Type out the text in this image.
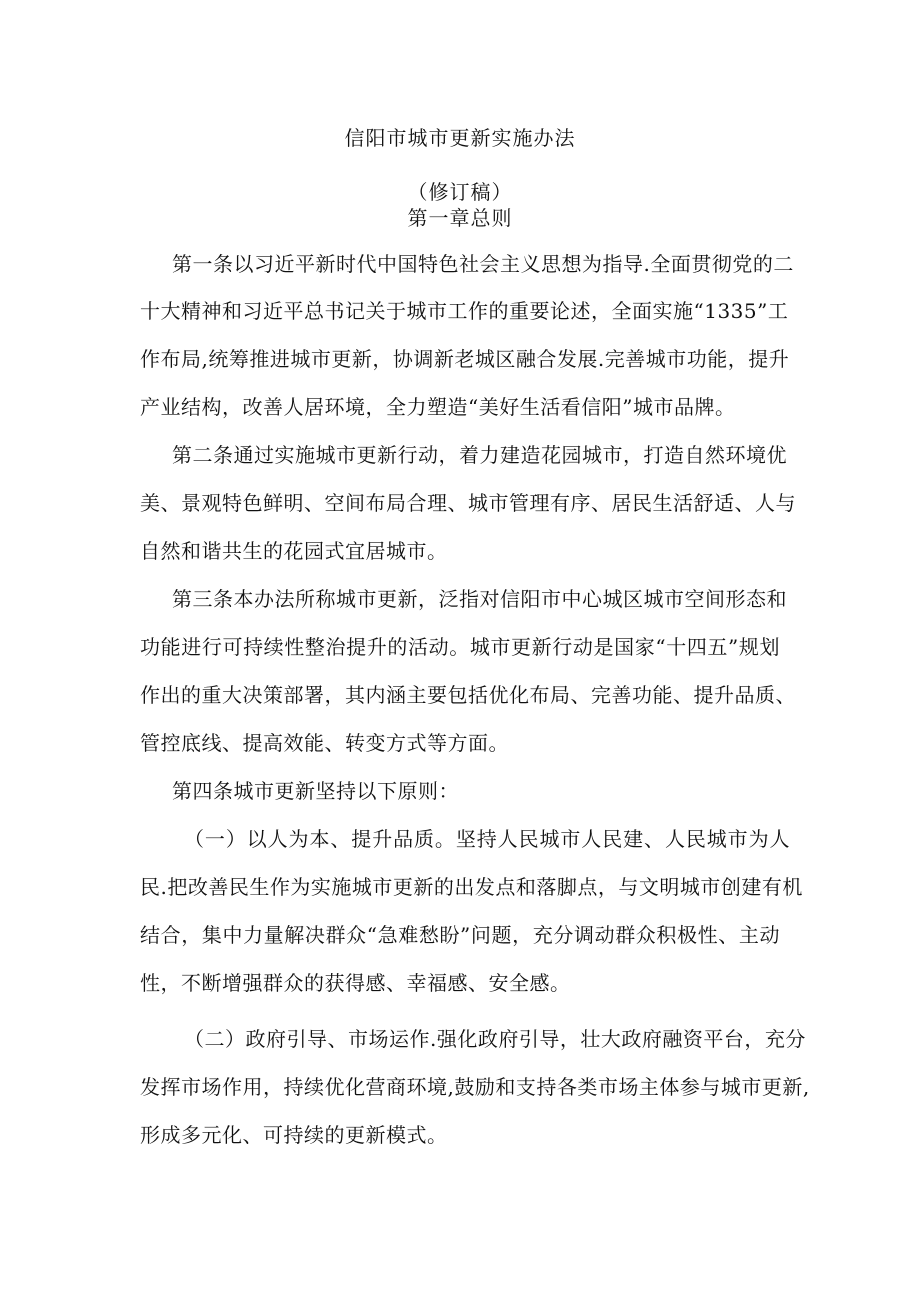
信阳市城市更新实施办法
（修订稿）
第一章总则
第一条以习近平新时代中国特色社会主义思想为指导.全面贯彻党的二
十大精神和习近平总书记关于城市工作的重要论述，全面实施“1335”工
作布局,统筹推进城市更新，协调新老城区融合发展.完善城市功能，提升
产业结构，改善人居环境，全力塑造“美好生活看信阳”城市品牌。
第二条通过实施城市更新行动，着力建造花园城市，打造自然环境优
美、景观特色鲜明、空间布局合理、城市管理有序、居民生活舒适、人与
自然和谐共生的花园式宜居城市。
第三条本办法所称城市更新，泛指对信阳市中心城区城市空间形态和
功能进行可持续性整治提升的活动。城市更新行动是国家“十四五”规划
作出的重大决策部署，其内涵主要包括优化布局、完善功能、提升品质、
管控底线、提高效能、转变方式等方面。
第四条城市更新坚持以下原则：
（一）以人为本、提升品质。坚持人民城市人民建、人民城市为人
民.把改善民生作为实施城市更新的出发点和落脚点，与文明城市创建有机
结合，集中力量解决群众“急难愁盼”问题，充分调动群众积极性、主动
性，不断增强群众的获得感、幸福感、安全感。
（二）政府引导、市场运作.强化政府引导，壮大政府融资平台，充分
发挥市场作用，持续优化营商环境,鼓励和支持各类市场主体参与城市更新,
形成多元化、可持续的更新模式。
